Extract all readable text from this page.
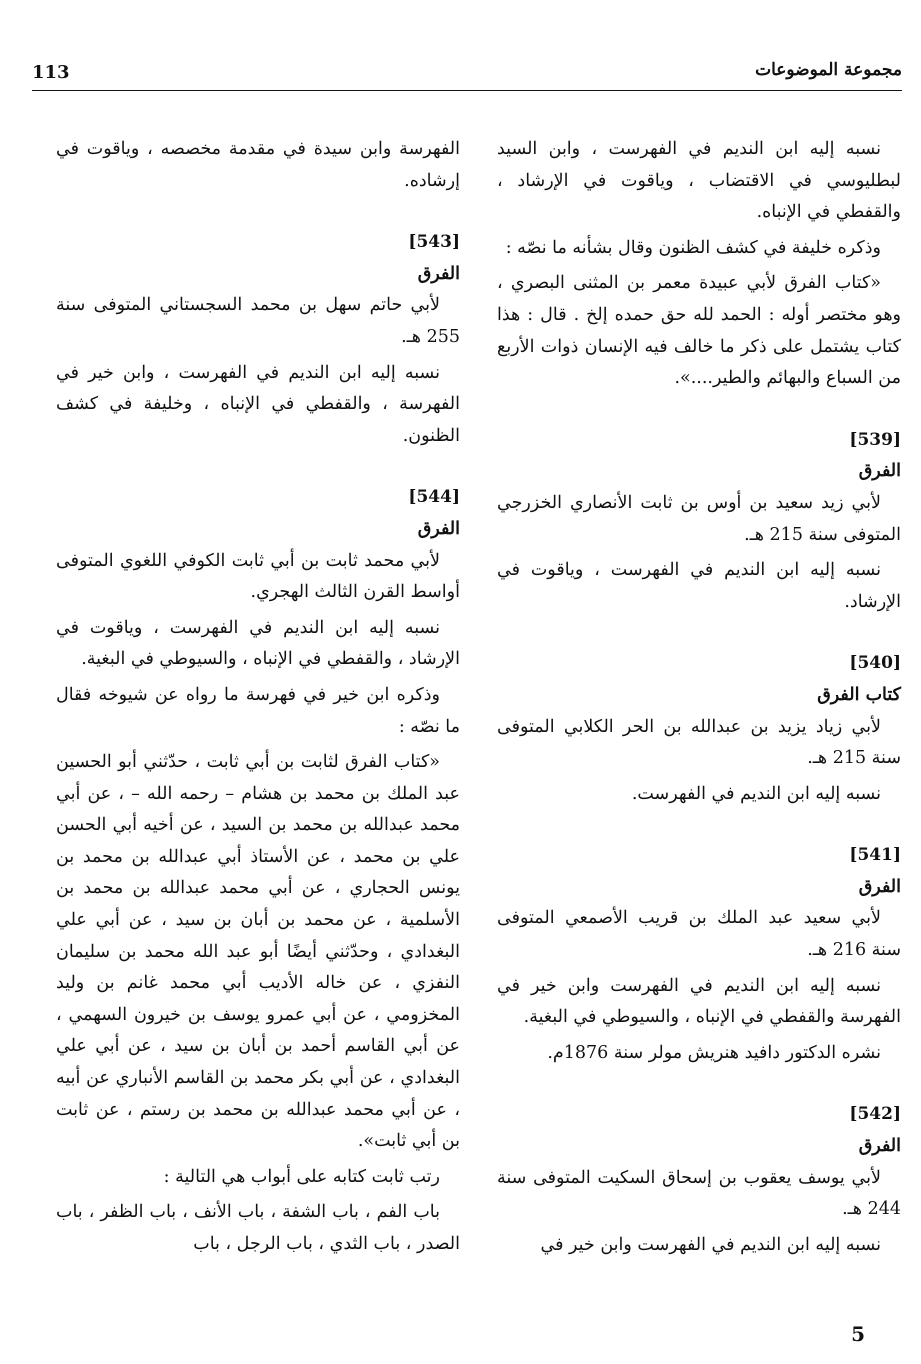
مجموعة الموضوعات
113

نسبه إليه ابن النديم في الفهرست ، وابن السيد لبطليوسي في الاقتضاب ، وياقوت في الإرشاد ، والقفطي في الإنباه.

وذكره خليفة في كشف الظنون وقال بشأنه ما نصّه :

«كتاب الفرق لأبي عبيدة معمر بن المثنى البصري ، وهو مختصر أوله : الحمد لله حق حمده إلخ . قال : هذا كتاب يشتمل على ذكر ما خالف فيه الإنسان ذوات الأربع من السباع والبهائم والطير....».

[539]
الفرق

لأبي زيد سعيد بن أوس بن ثابت الأنصاري الخزرجي المتوفى سنة 215 هـ.

نسبه إليه ابن النديم في الفهرست ، وياقوت في الإرشاد.

[540]
كتاب الفرق

لأبي زياد يزيد بن عبدالله بن الحر الكلابي المتوفى سنة 215 هـ.

نسبه إليه ابن النديم في الفهرست.

[541]
الفرق

لأبي سعيد عبد الملك بن قريب الأصمعي المتوفى سنة 216 هـ.

نسبه إليه ابن النديم في الفهرست وابن خير في الفهرسة والقفطي في الإنباه ، والسيوطي في البغية.

نشره الدكتور دافيد هنريش مولر سنة 1876م.

[542]
الفرق

لأبي يوسف يعقوب بن إسحاق السكيت المتوفى سنة 244 هـ.

نسبه إليه ابن النديم في الفهرست وابن خير في

الفهرسة وابن سيدة في مقدمة مخصصه ، وياقوت في إرشاده.

[543]
الفرق

لأبي حاتم سهل بن محمد السجستاني المتوفى سنة 255 هـ.

نسبه إليه ابن النديم في الفهرست ، وابن خير في الفهرسة ، والقفطي في الإنباه ، وخليفة في كشف الظنون.

[544]
الفرق

لأبي محمد ثابت بن أبي ثابت الكوفي اللغوي المتوفى أواسط القرن الثالث الهجري.

نسبه إليه ابن النديم في الفهرست ، وياقوت في الإرشاد ، والقفطي في الإنباه ، والسيوطي في البغية.

وذكره ابن خير في فهرسة ما رواه عن شيوخه فقال ما نصّه :

«كتاب الفرق لثابت بن أبي ثابت ، حدّثني أبو الحسين عبد الملك بن محمد بن هشام – رحمه الله – ، عن أبي محمد عبدالله بن محمد بن السيد ، عن أخيه أبي الحسن علي بن محمد ، عن الأستاذ أبي عبدالله بن محمد بن يونس الحجاري ، عن أبي محمد عبدالله بن محمد بن الأسلمية ، عن محمد بن أبان بن سيد ، عن أبي علي البغدادي ، وحدّثني أيضًا أبو عبد الله محمد بن سليمان النفزي ، عن خاله الأديب أبي محمد غانم بن وليد المخزومي ، عن أبي عمرو يوسف بن خيرون السهمي ، عن أبي القاسم أحمد بن أبان بن سيد ، عن أبي علي البغدادي ، عن أبي بكر محمد بن القاسم الأنباري عن أبيه ، عن أبي محمد عبدالله بن محمد بن رستم ، عن ثابت بن أبي ثابت».

رتب ثابت كتابه على أبواب هي التالية :

باب الفم ، باب الشفة ، باب الأنف ، باب الظفر ، باب الصدر ، باب الثدي ، باب الرجل ، باب

5
